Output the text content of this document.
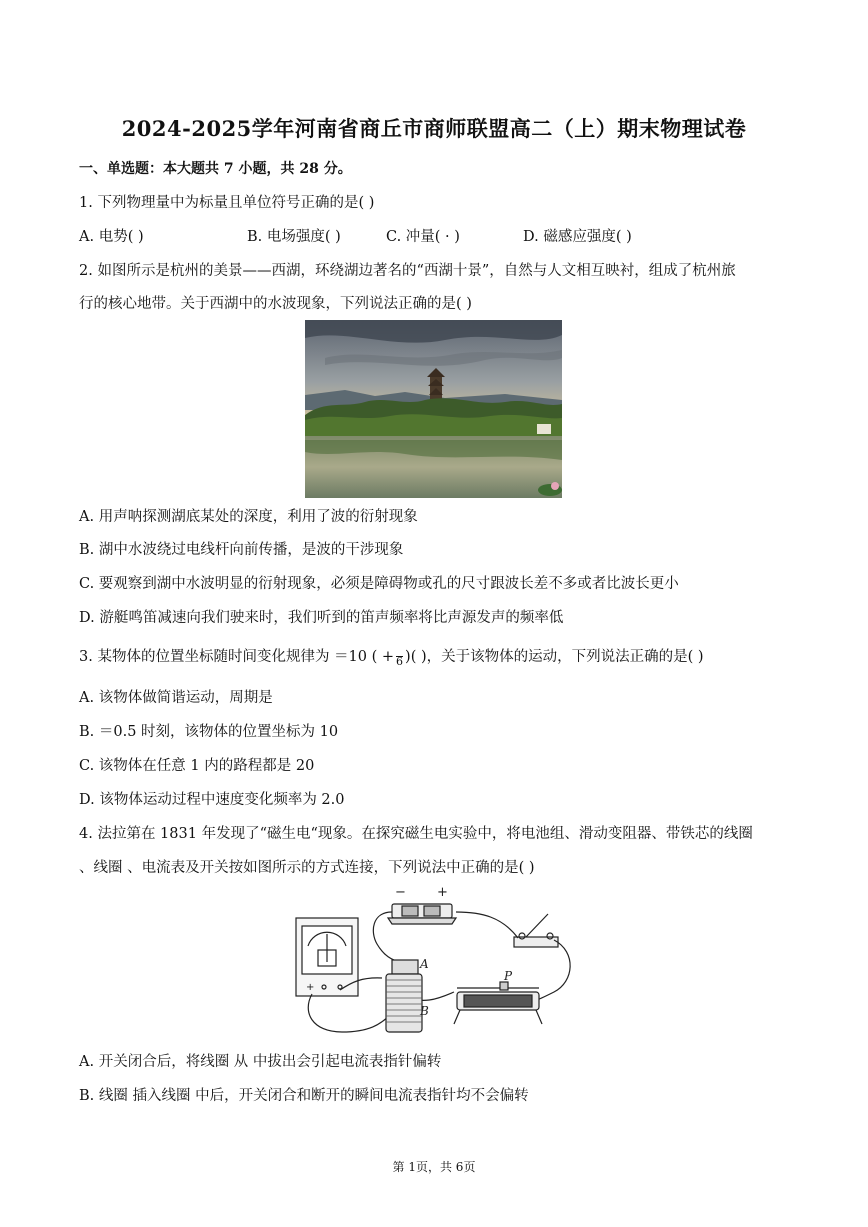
2024-2025学年河南省商丘市商师联盟高二（上）期末物理试卷
一、单选题：本大题共 7 小题，共 28 分。
1. 下列物理量中为标量且单位符号正确的是( )
A. 电势( )	B. 电场强度( )	C. 冲量( · )	D. 磁感应强度( )
2. 如图所示是杭州的美景——西湖，环绕湖边著名的“西湖十景”，自然与人文相互映衬，组成了杭州旅
行的核心地带。关于西湖中的水波现象，下列说法正确的是( )
A. 用声呐探测湖底某处的深度，利用了波的衍射现象
B. 湖中水波绕过电线杆向前传播，是波的干涉现象
C. 要观察到湖中水波明显的衍射现象，必须是障碍物或孔的尺寸跟波长差不多或者比波长更小
D. 游艇鸣笛减速向我们驶来时，我们听到的笛声频率将比声源发声的频率低
3. 某物体的位置坐标随时间变化规律为 ＝10 ( + 6 )( )，关于该物体的运动，下列说法正确的是( )
A. 该物体做简谐运动，周期是
B. ＝0.5 时刻，该物体的位置坐标为 10
C. 该物体在任意 1 内的路程都是 20
D. 该物体运动过程中速度变化频率为 2.0
4. 法拉第在 1831 年发现了“磁生电“现象。在探究磁生电实验中，将电池组、滑动变阻器、带铁芯的线圈
、线圈 、电流表及开关按如图所示的方式连接，下列说法中正确的是( )
− +
+
A
B
P
A. 开关闭合后，将线圈 从 中拔出会引起电流表指针偏转
B. 线圈 插入线圈 中后，开关闭合和断开的瞬间电流表指针均不会偏转
第 1页，共 6页
